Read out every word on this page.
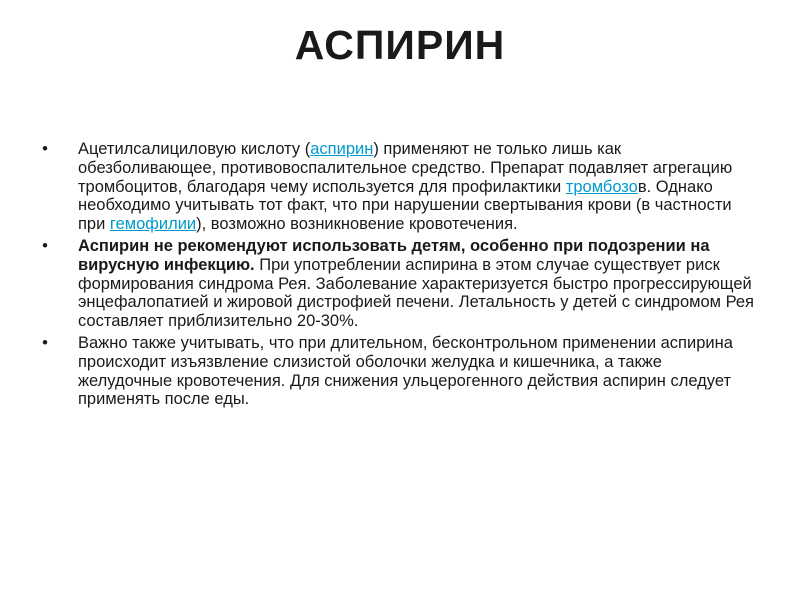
АСПИРИН
• Ацетилсалициловую кислоту (аспирин) применяют не только лишь как обезболивающее, противовоспалительное средство. Препарат подавляет агрегацию тромбоцитов, благодаря чему используется для профилактики тромбозов. Однако необходимо учитывать тот факт, что при нарушении свертывания крови (в частности при гемофилии), возможно возникновение кровотечения.
• Аспирин не рекомендуют использовать детям, особенно при подозрении на вирусную инфекцию. При употреблении аспирина в этом случае существует риск формирования синдрома Рея. Заболевание характеризуется быстро прогрессирующей энцефалопатией и жировой дистрофией печени. Летальность у детей с синдромом Рея составляет приблизительно 20-30%.
• Важно также учитывать, что при длительном, бесконтрольном применении аспирина происходит изъязвление слизистой оболочки желудка и кишечника, а также желудочные кровотечения. Для снижения ульцерогенного действия аспирин следует применять после еды.
